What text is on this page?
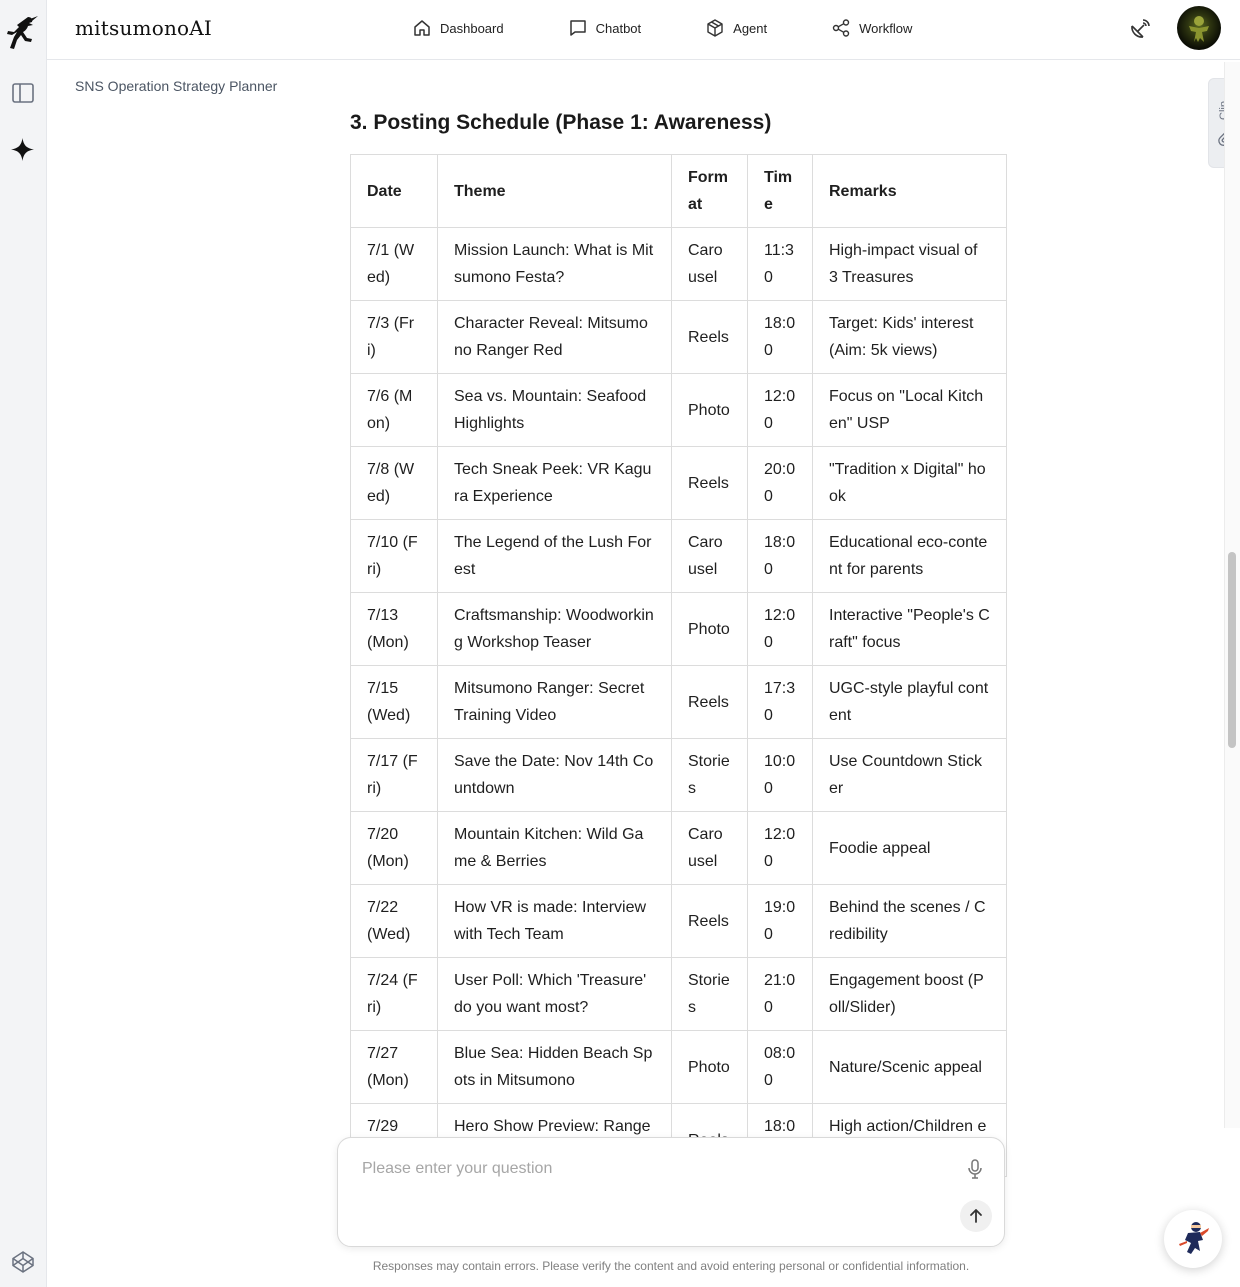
mitsumonoAI	Dashboard	Chatbot	Agent	Workflow
SNS Operation Strategy Planner
3. Posting Schedule (Phase 1: Awareness)
Date	Theme	Format	Time	Remarks
7/1 (Wed)	Mission Launch: What is Mitsumono Festa?	Carousel	11:30	High-impact visual of 3 Treasures
7/3 (Fri)	Character Reveal: Mitsumono Ranger Red	Reels	18:00	Target: Kids' interest (Aim: 5k views)
7/6 (Mon)	Sea vs. Mountain: Seafood Highlights	Photo	12:00	Focus on "Local Kitchen" USP
7/8 (Wed)	Tech Sneak Peek: VR Kagura Experience	Reels	20:00	"Tradition x Digital" hook
7/10 (Fri)	The Legend of the Lush Forest	Carousel	18:00	Educational eco-content for parents
7/13 (Mon)	Craftsmanship: Woodworking Workshop Teaser	Photo	12:00	Interactive "People's Craft" focus
7/15 (Wed)	Mitsumono Ranger: Secret Training Video	Reels	17:30	UGC-style playful content
7/17 (Fri)	Save the Date: Nov 14th Countdown	Stories	10:00	Use Countdown Sticker
7/20 (Mon)	Mountain Kitchen: Wild Game & Berries	Carousel	12:00	Foodie appeal
7/22 (Wed)	How VR is made: Interview with Tech Team	Reels	19:00	Behind the scenes / Credibility
7/24 (Fri)	User Poll: Which 'Treasure' do you want most?	Stories	21:00	Engagement boost (Poll/Slider)
7/27 (Mon)	Blue Sea: Hidden Beach Spots in Mitsumono	Photo	08:00	Nature/Scenic appeal
7/29	Hero Show Preview: Range		18:0	High action/Children e
Please enter your question
Responses may contain errors. Please verify the content and avoid entering personal or confidential information.
